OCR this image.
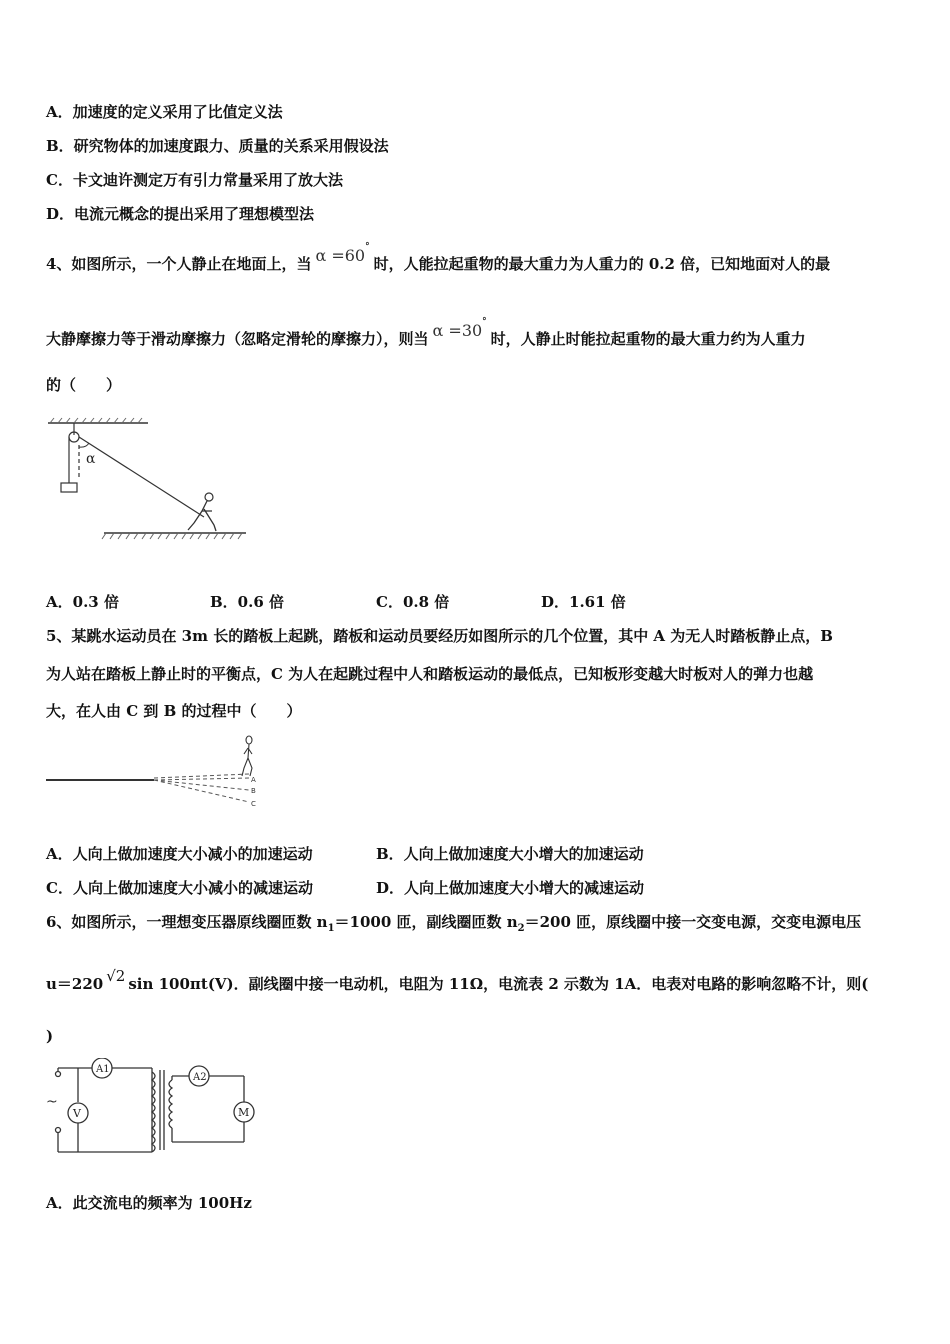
A．加速度的定义采用了比值定义法
B．研究物体的加速度跟力、质量的关系采用假设法
C．卡文迪许测定万有引力常量采用了放大法
D．电流元概念的提出采用了理想模型法
4、如图所示，一个人静止在地面上，当 α =60°时，人能拉起重物的最大重力为人重力的 0.2 倍，已知地面对人的最
大静摩擦力等于滑动摩擦力（忽略定滑轮的摩擦力），则当 α =30°时，人静止时能拉起重物的最大重力约为人重力
的（　　）
α
A．0.3 倍	B．0.6 倍	C．0.8 倍	D．1.61 倍
5、某跳水运动员在 3m 长的踏板上起跳，踏板和运动员要经历如图所示的几个位置，其中 A 为无人时踏板静止点，B
为人站在踏板上静止时的平衡点，C 为人在起跳过程中人和踏板运动的最低点，已知板形变越大时板对人的弹力也越
大，在人由 C 到 B 的过程中（　　）
A
B
C
A．人向上做加速度大小减小的加速运动	B．人向上做加速度大小增大的加速运动
C．人向上做加速度大小减小的减速运动	D．人向上做加速度大小增大的减速运动
6、如图所示，一理想变压器原线圈匝数 $n_1=1000$ 匝，副线圈匝数 $n_2=200$ 匝，原线圈中接一交变电源，交变电源电压
u＝220 √2 sin 100πt(V)．副线圈中接一电动机，电阻为 11Ω，电流表 2 示数为 1A．电表对电路的影响忽略不计，则(
)
~
A1
V
A2
M
A．此交流电的频率为 100Hz
